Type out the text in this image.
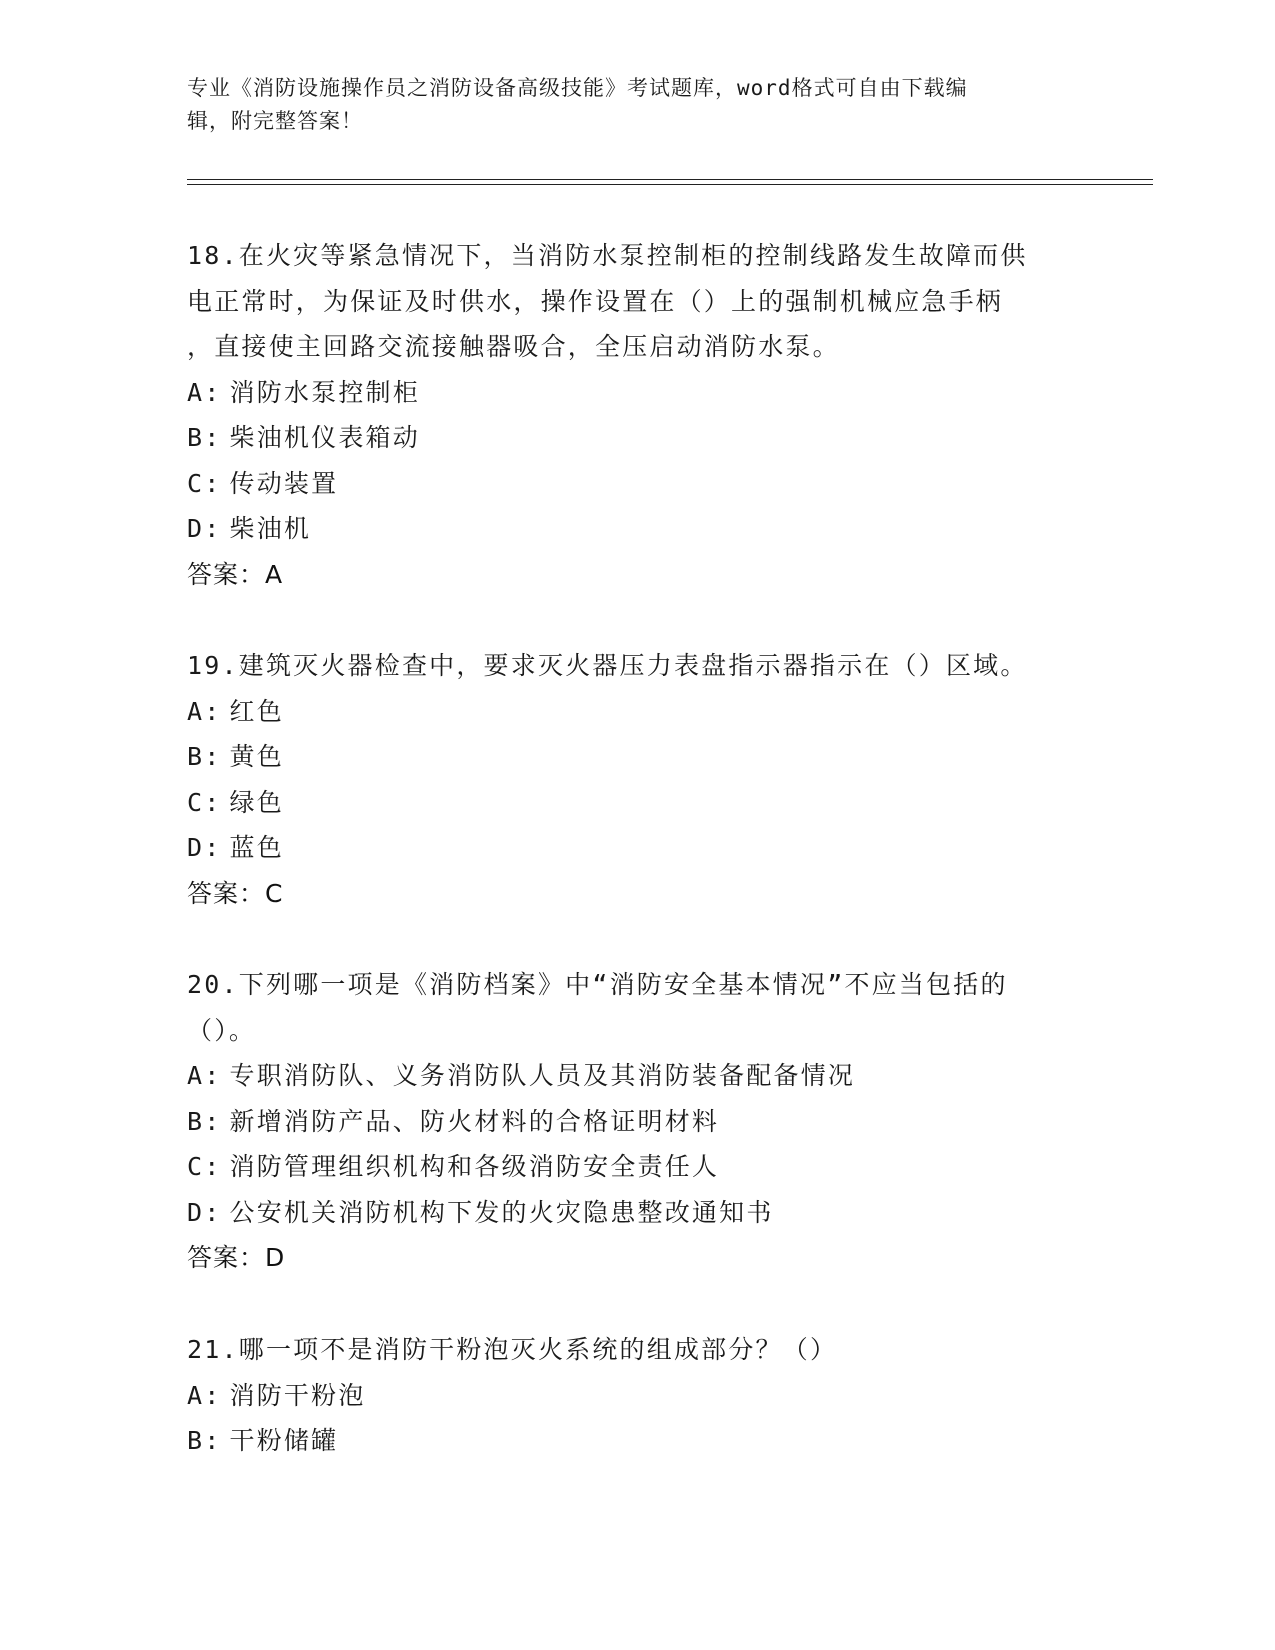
专业《消防设施操作员之消防设备高级技能》考试题库，word格式可自由下载编
辑，附完整答案！
18.在火灾等紧急情况下，当消防水泵控制柜的控制线路发生故障而供
电正常时，为保证及时供水，操作设置在（）上的强制机械应急手柄
，直接使主回路交流接触器吸合，全压启动消防水泵。
A: 消防水泵控制柜
B: 柴油机仪表箱动
C: 传动装置
D: 柴油机
答案：A
19.建筑灭火器检查中，要求灭火器压力表盘指示器指示在（）区域。
A: 红色
B: 黄色
C: 绿色
D: 蓝色
答案：C
20.下列哪一项是《消防档案》中“消防安全基本情况”不应当包括的
（）。
A: 专职消防队、义务消防队人员及其消防装备配备情况
B: 新增消防产品、防火材料的合格证明材料
C: 消防管理组织机构和各级消防安全责任人
D: 公安机关消防机构下发的火灾隐患整改通知书
答案：D
21.哪一项不是消防干粉泡灭火系统的组成部分？（）
A: 消防干粉泡
B: 干粉储罐
